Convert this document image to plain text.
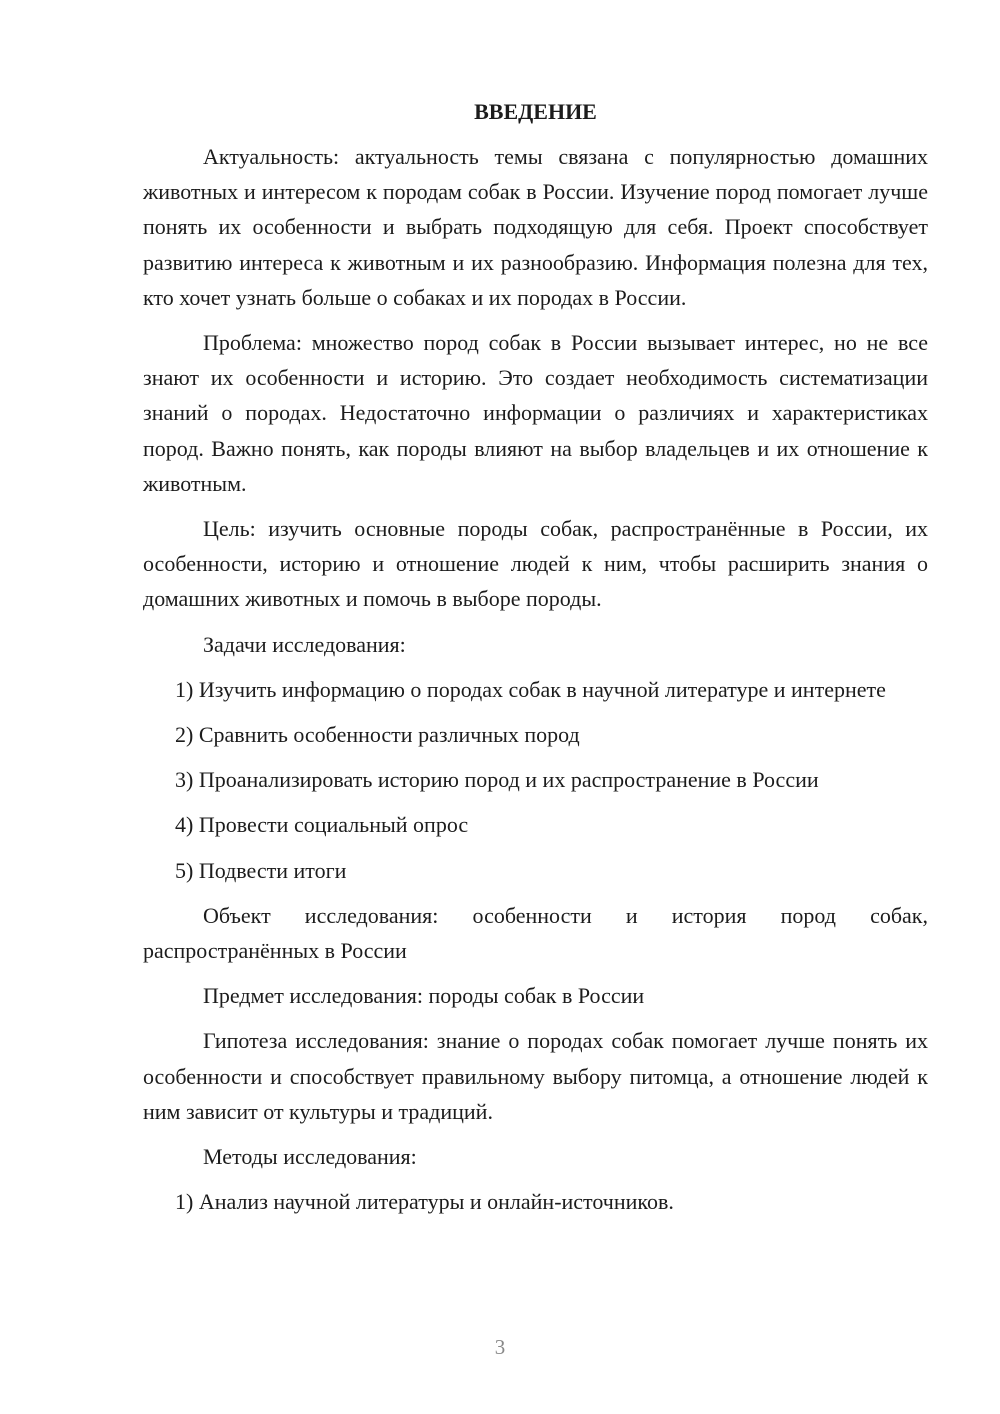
ВВЕДЕНИЕ

Актуальность: актуальность темы связана с популярностью домашних животных и интересом к породам собак в России. Изучение пород помогает лучше понять их особенности и выбрать подходящую для себя. Проект способствует развитию интереса к животным и их разнообразию. Информация полезна для тех, кто хочет узнать больше о собаках и их породах в России.

Проблема: множество пород собак в России вызывает интерес, но не все знают их особенности и историю. Это создает необходимость систематизации знаний о породах. Недостаточно информации о различиях и характеристиках пород. Важно понять, как породы влияют на выбор владельцев и их отношение к животным.

Цель: изучить основные породы собак, распространённые в России, их особенности, историю и отношение людей к ним, чтобы расширить знания о домашних животных и помочь в выборе породы.

Задачи исследования:

1) Изучить информацию о породах собак в научной литературе и интернете

2) Сравнить особенности различных пород

3) Проанализировать историю пород и их распространение в России

4) Провести социальный опрос

5) Подвести итоги

Объект исследования: особенности и история пород собак, распространённых в России

Предмет исследования: породы собак в России

Гипотеза исследования: знание о породах собак помогает лучше понять их особенности и способствует правильному выбору питомца, а отношение людей к ним зависит от культуры и традиций.

Методы исследования:

1) Анализ научной литературы и онлайн-источников.

3
